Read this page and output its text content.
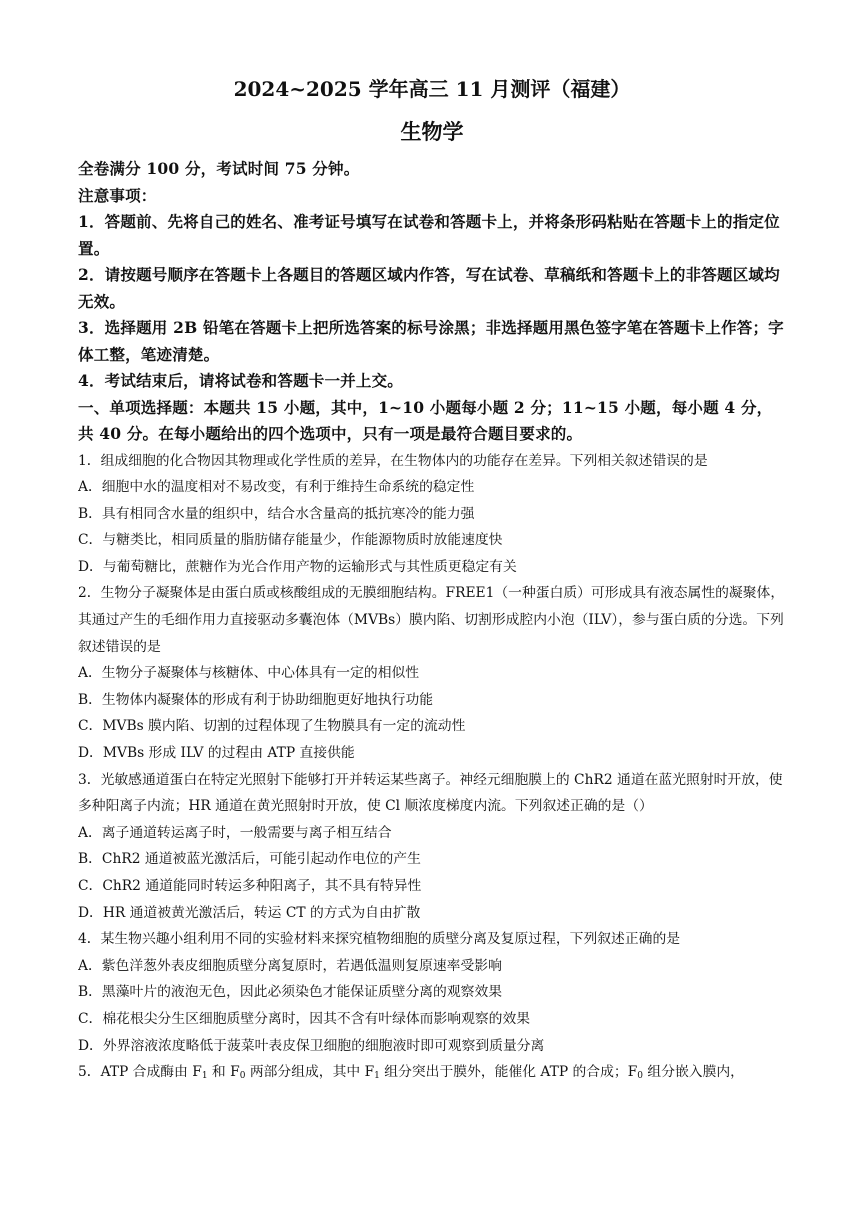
2024~2025 学年高三 11 月测评（福建）
生物学

全卷满分 100 分，考试时间 75 分钟。

注意事项：

1．答题前、先将自己的姓名、准考证号填写在试卷和答题卡上，并将条形码粘贴在答题卡上的指定位置。

2．请按题号顺序在答题卡上各题目的答题区域内作答，写在试卷、草稿纸和答题卡上的非答题区域均无效。

3．选择题用 2B 铅笔在答题卡上把所选答案的标号涂黑；非选择题用黑色签字笔在答题卡上作答；字体工整，笔迹清楚。

4．考试结束后，请将试卷和答题卡一并上交。

一、单项选择题：本题共 15 小题，其中，1~10 小题每小题 2 分；11~15 小题，每小题 4 分，共 40 分。在每小题给出的四个选项中，只有一项是最符合题目要求的。

1．组成细胞的化合物因其物理或化学性质的差异，在生物体内的功能存在差异。下列相关叙述错误的是

A．细胞中水的温度相对不易改变，有利于维持生命系统的稳定性

B．具有相同含水量的组织中，结合水含量高的抵抗寒冷的能力强

C．与糖类比，相同质量的脂肪储存能量少，作能源物质时放能速度快

D．与葡萄糖比，蔗糖作为光合作用产物的运输形式与其性质更稳定有关

2．生物分子凝聚体是由蛋白质或核酸组成的无膜细胞结构。FREE1（一种蛋白质）可形成具有液态属性的凝聚体，其通过产生的毛细作用力直接驱动多囊泡体（MVBs）膜内陷、切割形成腔内小泡（ILV），参与蛋白质的分选。下列叙述错误的是

A．生物分子凝聚体与核糖体、中心体具有一定的相似性

B．生物体内凝聚体的形成有利于协助细胞更好地执行功能

C．MVBs 膜内陷、切割的过程体现了生物膜具有一定的流动性

D．MVBs 形成 ILV 的过程由 ATP 直接供能

3．光敏感通道蛋白在特定光照射下能够打开并转运某些离子。神经元细胞膜上的 ChR2 通道在蓝光照射时开放，使多种阳离子内流；HR 通道在黄光照射时开放，使 Cl 顺浓度梯度内流。下列叙述正确的是（）

A．离子通道转运离子时，一般需要与离子相互结合

B．ChR2 通道被蓝光激活后，可能引起动作电位的产生

C．ChR2 通道能同时转运多种阳离子，其不具有特异性

D．HR 通道被黄光激活后，转运 CT 的方式为自由扩散

4．某生物兴趣小组利用不同的实验材料来探究植物细胞的质壁分离及复原过程，下列叙述正确的是

A．紫色洋葱外表皮细胞质壁分离复原时，若遇低温则复原速率受影响

B．黑藻叶片的液泡无色，因此必须染色才能保证质壁分离的观察效果

C．棉花根尖分生区细胞质壁分离时，因其不含有叶绿体而影响观察的效果

D．外界溶液浓度略低于菠菜叶表皮保卫细胞的细胞液时即可观察到质量分离

5．ATP 合成酶由 $F_1$ 和 $F_0$ 两部分组成，其中 $F_1$ 组分突出于膜外，能催化 ATP 的合成；$F_0$ 组分嵌入膜内，
